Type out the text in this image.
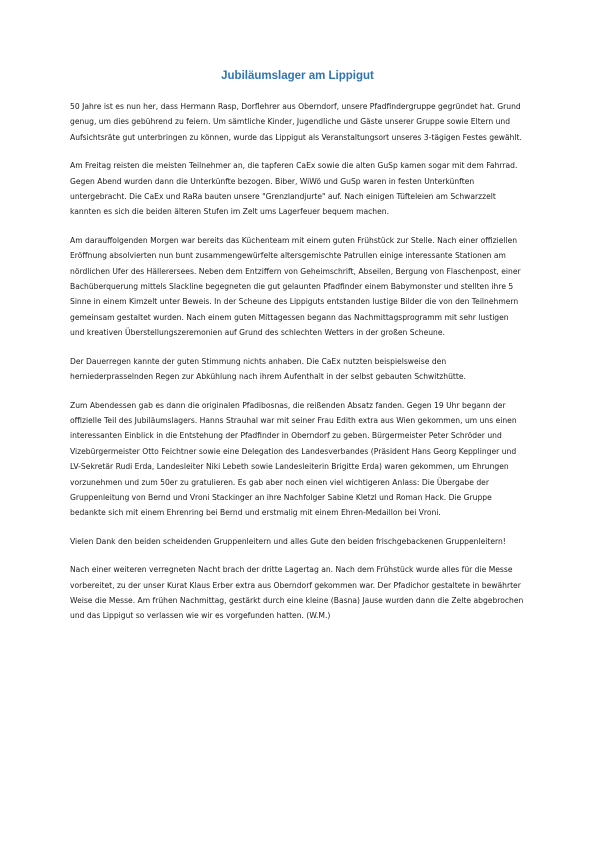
Jubiläumslager am Lippigut

50 Jahre ist es nun her, dass Hermann Rasp, Dorflehrer aus Oberndorf, unsere Pfadfindergruppe gegründet hat. Grund genug, um dies gebührend zu feiern. Um sämtliche Kinder, Jugendliche und Gäste unserer Gruppe sowie Eltern und Aufsichtsräte gut unterbringen zu können, wurde das Lippigut als Veranstaltungsort unseres 3-tägigen Festes gewählt.

Am Freitag reisten die meisten Teilnehmer an, die tapferen CaEx sowie die alten GuSp kamen sogar mit dem Fahrrad. Gegen Abend wurden dann die Unterkünfte bezogen. Biber, WiWö und GuSp waren in festen Unterkünften untergebracht. Die CaEx und RaRa bauten unsere "Grenzlandjurte" auf. Nach einigen Tüfteleien am Schwarzzelt kannten es sich die beiden älteren Stufen im Zelt ums Lagerfeuer bequem machen.

Am darauffolgenden Morgen war bereits das Küchenteam mit einem guten Frühstück zur Stelle. Nach einer offiziellen Eröffnung absolvierten nun bunt zusammengewürfelte altersgemischte Patrullen einige interessante Stationen am nördlichen Ufer des Hällerersees. Neben dem Entziffern von Geheimschrift, Abseilen, Bergung von Flaschenpost, einer Bachüberquerung mittels Slackline begegneten die gut gelaunten Pfadfinder einem Babymonster und stellten ihre 5 Sinne in einem Kimzelt unter Beweis. In der Scheune des Lippiguts entstanden lustige Bilder die von den Teilnehmern gemeinsam gestaltet wurden. Nach einem guten Mittagessen begann das Nachmittagsprogramm mit sehr lustigen und kreativen Überstellungszeremonien auf Grund des schlechten Wetters in der großen Scheune.

Der Dauerregen kannte der guten Stimmung nichts anhaben. Die CaEx nutzten beispielsweise den herniederprasselnden Regen zur Abkühlung nach ihrem Aufenthalt in der selbst gebauten Schwitzhütte.

Zum Abendessen gab es dann die originalen Pfadibosnas, die reißenden Absatz fanden. Gegen 19 Uhr begann der offizielle Teil des Jubiläumslagers. Hanns Strauhal war mit seiner Frau Edith extra aus Wien gekommen, um uns einen interessanten Einblick in die Entstehung der Pfadfinder in Oberndorf zu geben. Bürgermeister Peter Schröder und Vizebürgermeister Otto Feichtner sowie eine Delegation des Landesverbandes (Präsident Hans Georg Kepplinger und LV-Sekretär Rudi Erda, Landesleiter Niki Lebeth sowie Landesleiterin Brigitte Erda) waren gekommen, um Ehrungen vorzunehmen und zum 50er zu gratulieren. Es gab aber noch einen viel wichtigeren Anlass: Die Übergabe der Gruppenleitung von Bernd und Vroni Stackinger an ihre Nachfolger Sabine Kletzl und Roman Hack. Die Gruppe bedankte sich mit einem Ehrenring bei Bernd und erstmalig mit einem Ehren-Medaillon bei Vroni.

Vielen Dank den beiden scheidenden Gruppenleitern und alles Gute den beiden frischgebackenen Gruppenleitern!

Nach einer weiteren verregneten Nacht brach der dritte Lagertag an. Nach dem Frühstück wurde alles für die Messe vorbereitet, zu der unser Kurat Klaus Erber extra aus Oberndorf gekommen war. Der Pfadichor gestaltete in bewährter Weise die Messe. Am frühen Nachmittag, gestärkt durch eine kleine (Basna) Jause wurden dann die Zelte abgebrochen und das Lippigut so verlassen wie wir es vorgefunden hatten. (W.M.)
